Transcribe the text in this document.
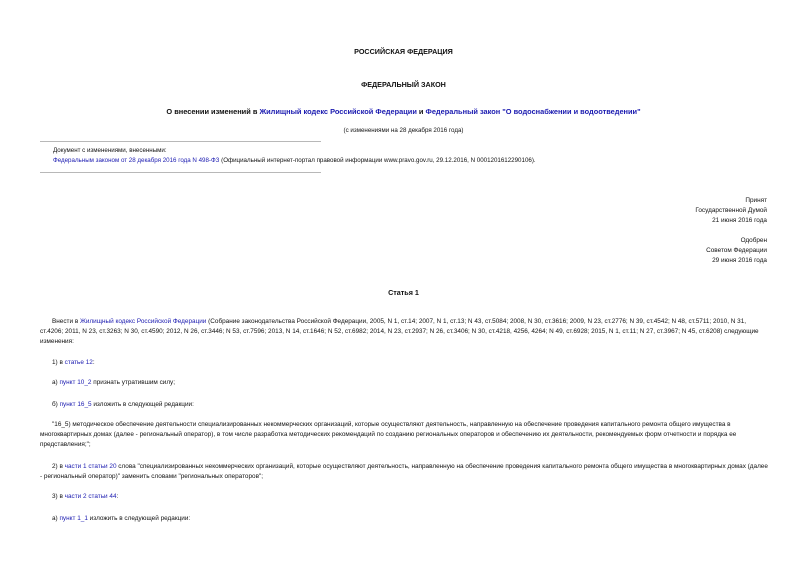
РОССИЙСКАЯ ФЕДЕРАЦИЯ
ФЕДЕРАЛЬНЫЙ ЗАКОН
О внесении изменений в Жилищный кодекс Российской Федерации и Федеральный закон "О водоснабжении и водоотведении"
(с изменениями на 28 декабря 2016 года)
Документ с изменениями, внесенными:
Федеральным законом от 28 декабря 2016 года N 498-ФЗ (Официальный интернет-портал правовой информации www.pravo.gov.ru, 29.12.2016, N 0001201612290106).
Принят
Государственной Думой
21 июня 2016 года
Одобрен
Советом Федерации
29 июня 2016 года
Статья 1
Внести в Жилищный кодекс Российской Федерации (Собрание законодательства Российской Федерации, 2005, N 1, ст.14; 2007, N 1, ст.13; N 43, ст.5084; 2008, N 30, ст.3616; 2009, N 23, ст.2776; N 39, ст.4542; N 48, ст.5711; 2010, N 31, ст.4206; 2011, N 23, ст.3263; N 30, ст.4590; 2012, N 26, ст.3446; N 53, ст.7596; 2013, N 14, ст.1646; N 52, ст.6982; 2014, N 23, ст.2937; N 26, ст.3406; N 30, ст.4218, 4256, 4264; N 49, ст.6928; 2015, N 1, ст.11; N 27, ст.3967; N 45, ст.6208) следующие изменения:
1) в статье 12:
а) пункт 10_2 признать утратившим силу;
б) пункт 16_5 изложить в следующей редакции:
"16_5) методическое обеспечение деятельности специализированных некоммерческих организаций, которые осуществляют деятельность, направленную на обеспечение проведения капитального ремонта общего имущества в многоквартирных домах (далее - региональный оператор), в том числе разработка методических рекомендаций по созданию региональных операторов и обеспечению их деятельности, рекомендуемых форм отчетности и порядка ее представления;";
2) в части 1 статьи 20 слова "специализированных некоммерческих организаций, которые осуществляют деятельность, направленную на обеспечение проведения капитального ремонта общего имущества в многоквартирных домах (далее - региональный оператор)" заменить словами "региональных операторов";
3) в части 2 статьи 44:
а) пункт 1_1 изложить в следующей редакции:
